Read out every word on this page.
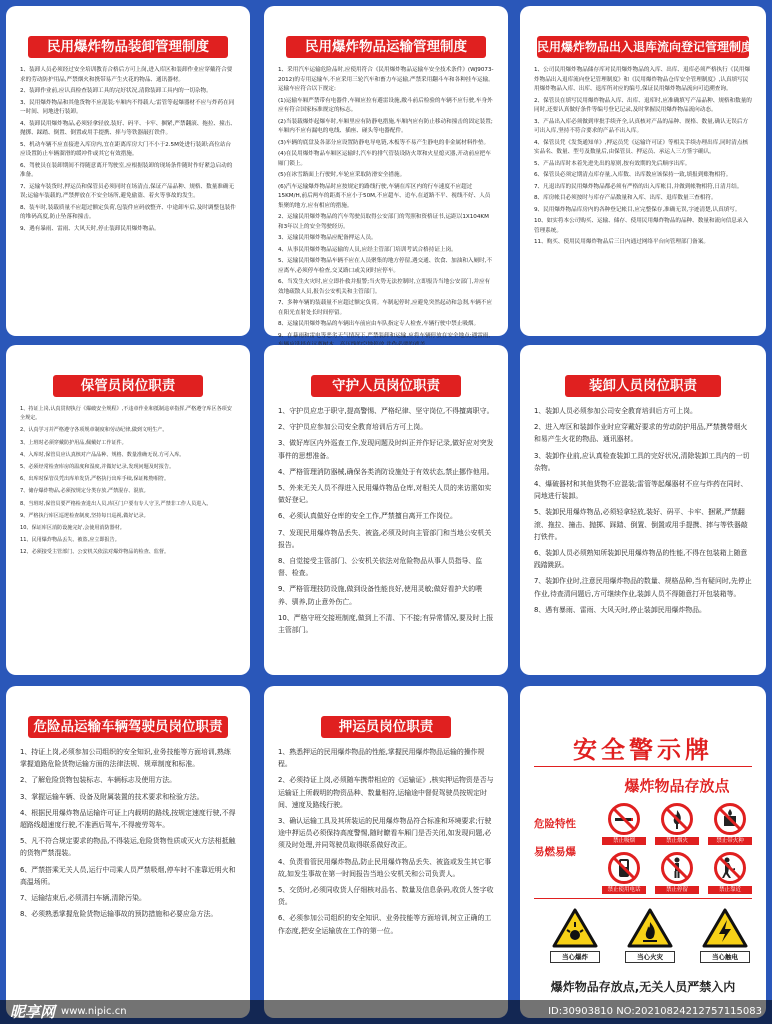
民用爆炸物品装卸管理制度

1、装卸人员必须经过安全培训教育合格后方可上岗,进入库区和装卸作业应穿戴符合要求的劳动防护用品,严禁烟火和携带易产生火花的物品、通讯器材。

2、装卸作业前,应认真检查装卸工具的完好状况,清除装卸工具内的一切杂物。

3、民用爆炸物品和其他货物不应混装;车厢内不得载人;雷管等起爆器材不应与炸药在同一时间、同地进行装卸。

4、装卸民用爆炸物品,必须轻拿轻放,装好、码平、卡牢、捆紧,严禁翻滚、拖拉、撞击、抛掷、踩踏、倒置、倒置或用手提携、摔与等铁器敲打铁件。

5、机动车辆不应直接进入库房内,宜在距离库房大门不小于2.5M处进行装卸;高位站台应设置防止车辆溜滑的缓冲件或其它有效措施。

6、驾驶员在装卸期间不得随意离开驾驶室,应根据装卸的现场条件随时作好紧急启动的准备。

7、运输车装货时,押运员和保管员必须同时在场清点,保证产品品种、规格、数量准确无误;运输车装载的,严禁押放在不安全场所,避免偷盗、着火等事故的发生。

8、装车时,装载质量不应超过额定负荷,包装件应码放整齐、中途卸车后,及时调整包装件的堆码高度,防止坠落和撞击。

9、遇有暴雨、雷雨、大风天时,停止装卸民用爆炸物品。

民用爆炸物品运输管理制度

1、采用汽车运输危险品时,应使用符合《民用爆炸物品运输车安全技术条件》(WJ9073-2012)的专用运输车,不应采用三轮汽车和畜力车运输,严禁采用翻斗车和各种挂车运输。运输车应符合以下规定:

(1)运输车厢严禁带有电器件,车厢应拉有避雷设施,敞斗前后检验的车辆不应行驶,车身外应有符合国家标准规定的标志。

(2)当装载爆炸起爆车时,车厢里应有防静电措施,车厢内应有防止移动和撞击的固定装置;车厢内不应有漏电的电线、插座、碰头等电器配件。

(3)车辆的底盘及各部分应设置防静电导电链,木板等不易产生静电的非金属材料作垫。

(4)在民用爆炸物品车厢区运输时,汽车的排气管装设防火罩和火星熄灭器,开动前应把车厢门锁上。

(5)在冰雪路面上行驶时,车轮应采取防滑安全措施。

(6)汽车运输爆炸物品时应按规定的路线行驶,车辆在库区内的行车速度不应超过15KM/H,前后两车的距离不应小于50M,不应超车、追车,在道路不平、视线不好、人员集聚的地方,应有相应的措施。

2、运输民用爆炸物品的汽车驾驶员取得公安部门的驾照和资格证书,运距以1X104KM和3年以上的安全驾驶经历。

3、运输民用爆炸物品应配备押运人员。

4、从事民用爆炸物品运输的人员,应经主管部门培训考试合格持证上岗。

5、运输民用爆炸物品车辆不应在人员聚集的地方停留,遇交通、饮食、加油和入厕时,不应离车,必须停车检查,交叉路口或关闭时应停车。

6、当发生火灾时,应立即扑救并报警;当火势无法控制时,立即报告当地公安部门,并应有效地疏散人员,报告公安机关和主管部门。

7、多种车辆的装载量不应超过额定负荷。车制起停时,应避免突然起动和急刹,车辆不应在阳光直射处长时间停留。

8、运输民用爆炸物品的车辆出车前应由车队指定专人检查,车辆行驶中禁止吸烟。

9、在暴雨和雷电等恶劣天气情况下,严禁装卸和运输,应将车辆停放在安全地点;遇雷雨,

民用爆炸物品出入退库流向登记管理制度

1、公司民用爆炸物品储存库对民用爆炸物品的入库、出库、退库必须严格执行《民用爆炸物品出入退库流向登记管理制度》和《民用爆炸物品仓库安全管理制度》,认真填写民用爆炸物品入库、出库、退库所对应的编号,保证民用爆炸物品流向可追溯查询。

2、保管员在填写民用爆炸物品入库、出库、退库时,应准确填写产品品种、规格和数量的同时,还要认真做好条件等编号登记记录,及时掌握民用爆炸物品流向动态。

3、产品出入库必须做到审批手续齐全,认真核对产品的品种、规格、数量,确认无误后方可出入库,坚持不符合要求的产品不出入库。

4、保管员凭《发货通知单》,押运员凭《运输许可证》等相关手续办理出库,同时清点核实品名、数量、型号及数量后,由保管员、押运员、承运人三方签字确认。

5、产品出库时本着先进先出的原则,按有效期的先后顺序出库。

6、保管员必须定期清点库存量,入库数、出库数应该保持一致,填报到账物相符。

7、凡退出库的民用爆炸物品都必须有严格的出入库帐目,并做到帐物相符,日清月结。

8、库房帐目必须按时与库存产品数量和入库、出库、退库数量三查相符。

9、民用爆炸物品库房内的各种登记帐目,应完整保存,准确无误,字迹清楚,认真填写。

10、如实将本公司购买、运输、储存、使用民用爆炸物品的品种、数量和流向信息录入管理系统。

11、购买、使用民用爆炸物品后三日内通过网络平台向管理部门备案。

保管员岗位职责

1、持证上岗,认真贯彻执行《爆破安全规程》,不违章作业和抵制违章指挥,严格遵守库区各项安全规定。

2、认真学习并严格遵守各项规章制度和劳动纪律,做到文明生产。

3、上班时必须穿戴防护用品,佩戴好工作证件。

4、入库时,保管员应认真核对产品品种、规格、数量准确无误,方可入库。

5、必须经常检查库房的温度和湿度,并做好记录,发现问题及时报告。

6、出库时保管员凭出库单发货,严格执行出库手续,保证帐物相符。

7、储存爆炸物品,必须按规定分类存放,严禁混存、混放。

8、当班时,保管员要严格检查进出人员,库区门户要有专人守卫,严禁非工作人员进入。

9、严格执行库区巡逻检查制度,坚持每日巡视,做好记录。

10、保证库区消防设施完好,会使用消防器材。

11、民用爆炸物品丢失、被盗,应立即报告。

12、必须接受主管部门、公安机关依法对爆炸物品的检查、监督。

守护人员岗位职责

1、守护员应忠于职守,提高警惕、严格纪律、坚守岗位,不得擅离职守。

2、守护员应参加公司安全教育培训后方可上岗。

3、做好库区内外巡查工作,发现问题及时纠正并作好记录,做好应对突发事件的思想准备。

4、严格管理消防器械,确保各类消防设施处于有效状态,禁止挪作他用。

5、外来无关人员不得进入民用爆炸物品仓库,对相关人员的来访需如实做好登记。

6、必须认真做好仓库的安全工作,严禁擅自离开工作岗位。

7、发现民用爆炸物品丢失、被盗,必须及时向主管部门和当地公安机关报告。

8、自觉接受主管部门、公安机关依法对危险物品从事人员指导、监督、检查。

9、严格管理技防设施,做到设备性能良好,使用灵敏;做好看护犬的喂养、驯养,防止意外伤亡。

10、严格守班交接班制度,做到上不清、下不接;有异常情况,要及时上报主管部门。

装卸人员岗位职责

1、装卸人员必须参加公司安全教育培训后方可上岗。

2、进入库区和装卸作业时应穿戴好要求的劳动防护用品,严禁携带烟火和易产生火花的物品、通讯器材。

3、装卸作业前,应认真检查装卸工具的完好状况,清除装卸工具内的一切杂物。

4、爆破器材和其他货物不应混装;雷管等起爆器材不应与炸药在同时、同地进行装卸。

5、装卸民用爆炸物品,必须轻拿轻放,装好、码平、卡牢、捆紧,严禁翻滚、拖拉、撞击、抛掷、踩踏、倒置、倒置或用手提携、摔与等铁器敲打铁件。

6、装卸人员必须熟知所装卸民用爆炸物品的性能,不得在包装箱上随意践踏跳跃。

7、装卸作业时,注意民用爆炸物品的数量、规格品种,当有疑问时,先停止作业,待查清问题后,方可继续作业,装卸人员不得随意打开包装箱等。

8、遇有暴雨、雷雨、大风天时,停止装卸民用爆炸物品。

危险品运输车辆驾驶员岗位职责

1、持证上岗,必须参加公司组织的安全知识,业务技能等方面培训,熟练掌握道路危险货物运输方面的法律法规、规章制度和标准。

2、了解危险货物包装标志、车辆标志及使用方法。

3、掌握运输车辆、设备及附属装置的技术要求和检验方法。

4、根据民用爆炸物品运输许可证上内载明的路线,按规定速度行驶,不得超路线超速度行驶,不准酒后驾车,不得疲劳驾车。

5、凡不符合规定要求的物品,不得装运,危险货物性质或灭火方法相抵触的货物严禁混装。

6、严禁搭乘无关人员,运行中司乘人员严禁吸烟,停车时不准靠近明火和高温场所。

7、运输结束后,必须清扫车辆,清除污染。

8、必须熟悉掌握危险货物运输事故的预防措施和必要应急方法。

押运员岗位职责

1、熟悉押运的民用爆炸物品的性能,掌握民用爆炸物品运输的操作规程。

2、必须持证上岗,必须随车携带相应的《运输证》,核实押运物资是否与运输证上所载明的物资品种、数量相符,运输途中督促驾驶员按规定时间、速度及路线行驶。

3、确认运输工具及其所装运的民用爆炸物品符合标准和环境要求;行驶途中押运员必须保持高度警惕,随时瞭看车厢门是否关闭,如发现问题,必须及时处理,并同驾驶员取得联系做好改正。

4、负责看管民用爆炸物品,防止民用爆炸物品丢失、被盗或发生其它事故,如发生事故在第一时间报告当地公安机关和公司负责人。

5、交货时,必须同收货人仔细核对品名、数量及信息条码,收货人签字收货。

6、必须参加公司组织的安全知识、业务技能等方面培训,树立正确的工作态度,把安全运输放在工作的第一位。

安全警示牌
爆炸物品存放点
危险特性
易燃易爆
禁止吸烟	禁止烟火	禁止带火种
禁止使用电话	禁止停留	禁止靠近
当心爆炸	当心火灾	当心触电
爆炸物品存放点,无关人员严禁入内
昵享网 www.nipic.cn	ID:30903810 NO:20210824212757115083
